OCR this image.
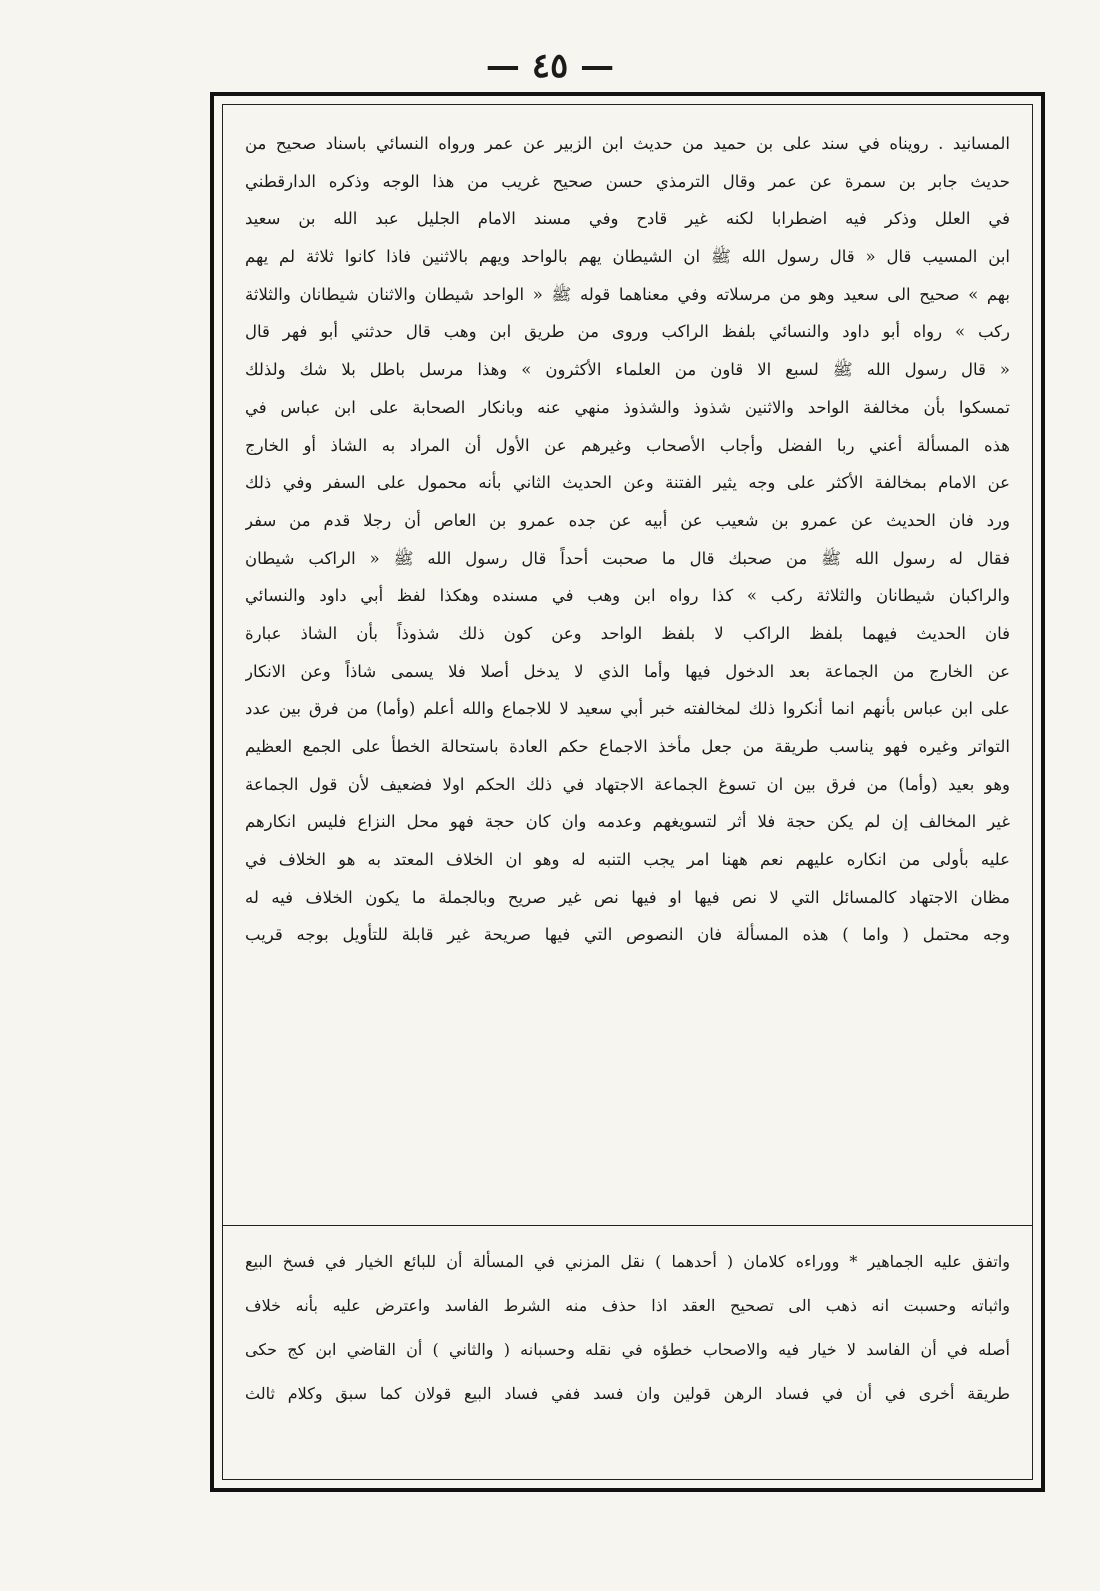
— ٤٥ —
المسانيد . رويناه في سند على بن حميد من حديث ابن الزبير عن عمر ورواه النسائي باسناد صحيح من
حديث جابر بن سمرة عن عمر وقال الترمذي حسن صحيح غريب من هذا الوجه وذكره الدارقطني
في العلل وذكر فيه اضطرابا لكنه غير قادح وفي مسند الامام الجليل عبد الله بن سعيد
ابن المسيب قال « قال رسول الله ﷺ ان الشيطان يهم بالواحد ويهم بالاثنين فاذا كانوا ثلاثة لم يهم
بهم » صحيح الى سعيد وهو من مرسلاته وفي معناهما قوله ﷺ « الواحد شيطان والاثنان شيطانان والثلاثة
ركب » رواه أبو داود والنسائي بلفظ الراكب وروى من طريق ابن وهب قال حدثني أبو فهر قال
« قال رسول الله ﷺ لسبع الا قاون من العلماء الأكثرون » وهذا مرسل باطل بلا شك ولذلك
تمسكوا بأن مخالفة الواحد والاثنين شذوذ والشذوذ منهي عنه وبانكار الصحابة على ابن عباس في
هذه المسألة أعني ربا الفضل وأجاب الأصحاب وغيرهم عن الأول أن المراد به الشاذ أو الخارج
عن الامام بمخالفة الأكثر على وجه يثير الفتنة وعن الحديث الثاني بأنه محمول على السفر وفي ذلك
ورد فان الحديث عن عمرو بن شعيب عن أبيه عن جده عمرو بن العاص أن رجلا قدم من سفر
فقال له رسول الله ﷺ من صحبك قال ما صحبت أحداً قال رسول الله ﷺ « الراكب شيطان
والراكبان شيطانان والثلاثة ركب » كذا رواه ابن وهب في مسنده وهكذا لفظ أبي داود والنسائي
فان الحديث فيهما بلفظ الراكب لا بلفظ الواحد وعن كون ذلك شذوذاً بأن الشاذ عبارة
عن الخارج من الجماعة بعد الدخول فيها وأما الذي لا يدخل أصلا فلا يسمى شاذاً وعن الانكار
على ابن عباس بأنهم انما أنكروا ذلك لمخالفته خبر أبي سعيد لا للاجماع والله أعلم (وأما) من فرق بين عدد
التواتر وغيره فهو يناسب طريقة من جعل مأخذ الاجماع حكم العادة باستحالة الخطأ على الجمع العظيم
وهو بعيد (وأما) من فرق بين ان تسوغ الجماعة الاجتهاد في ذلك الحكم اولا فضعيف لأن قول الجماعة
غير المخالف إن لم يكن حجة فلا أثر لتسويغهم وعدمه وان كان حجة فهو محل النزاع فليس انكارهم
عليه بأولى من انكاره عليهم نعم ههنا امر يجب التنبه له وهو ان الخلاف المعتد به هو الخلاف في
مظان الاجتهاد كالمسائل التي لا نص فيها او فيها نص غير صريح وبالجملة ما يكون الخلاف فيه له
وجه محتمل ( واما ) هذه المسألة فان النصوص التي فيها صريحة غير قابلة للتأويل بوجه قريب
واتفق عليه الجماهير * ووراءه كلامان ( أحدهما ) نقل المزني في المسألة أن للبائع الخيار في فسخ البيع
واثباته وحسبت انه ذهب الى تصحيح العقد اذا حذف منه الشرط الفاسد واعترض عليه بأنه خلاف
أصله في أن الفاسد لا خيار فيه والاصحاب خطؤه في نقله وحسبانه ( والثاني ) أن القاضي ابن كج حكى
طريقة أخرى في أن في فساد الرهن قولين وان فسد ففي فساد البيع قولان كما سبق وكلام ثالث
